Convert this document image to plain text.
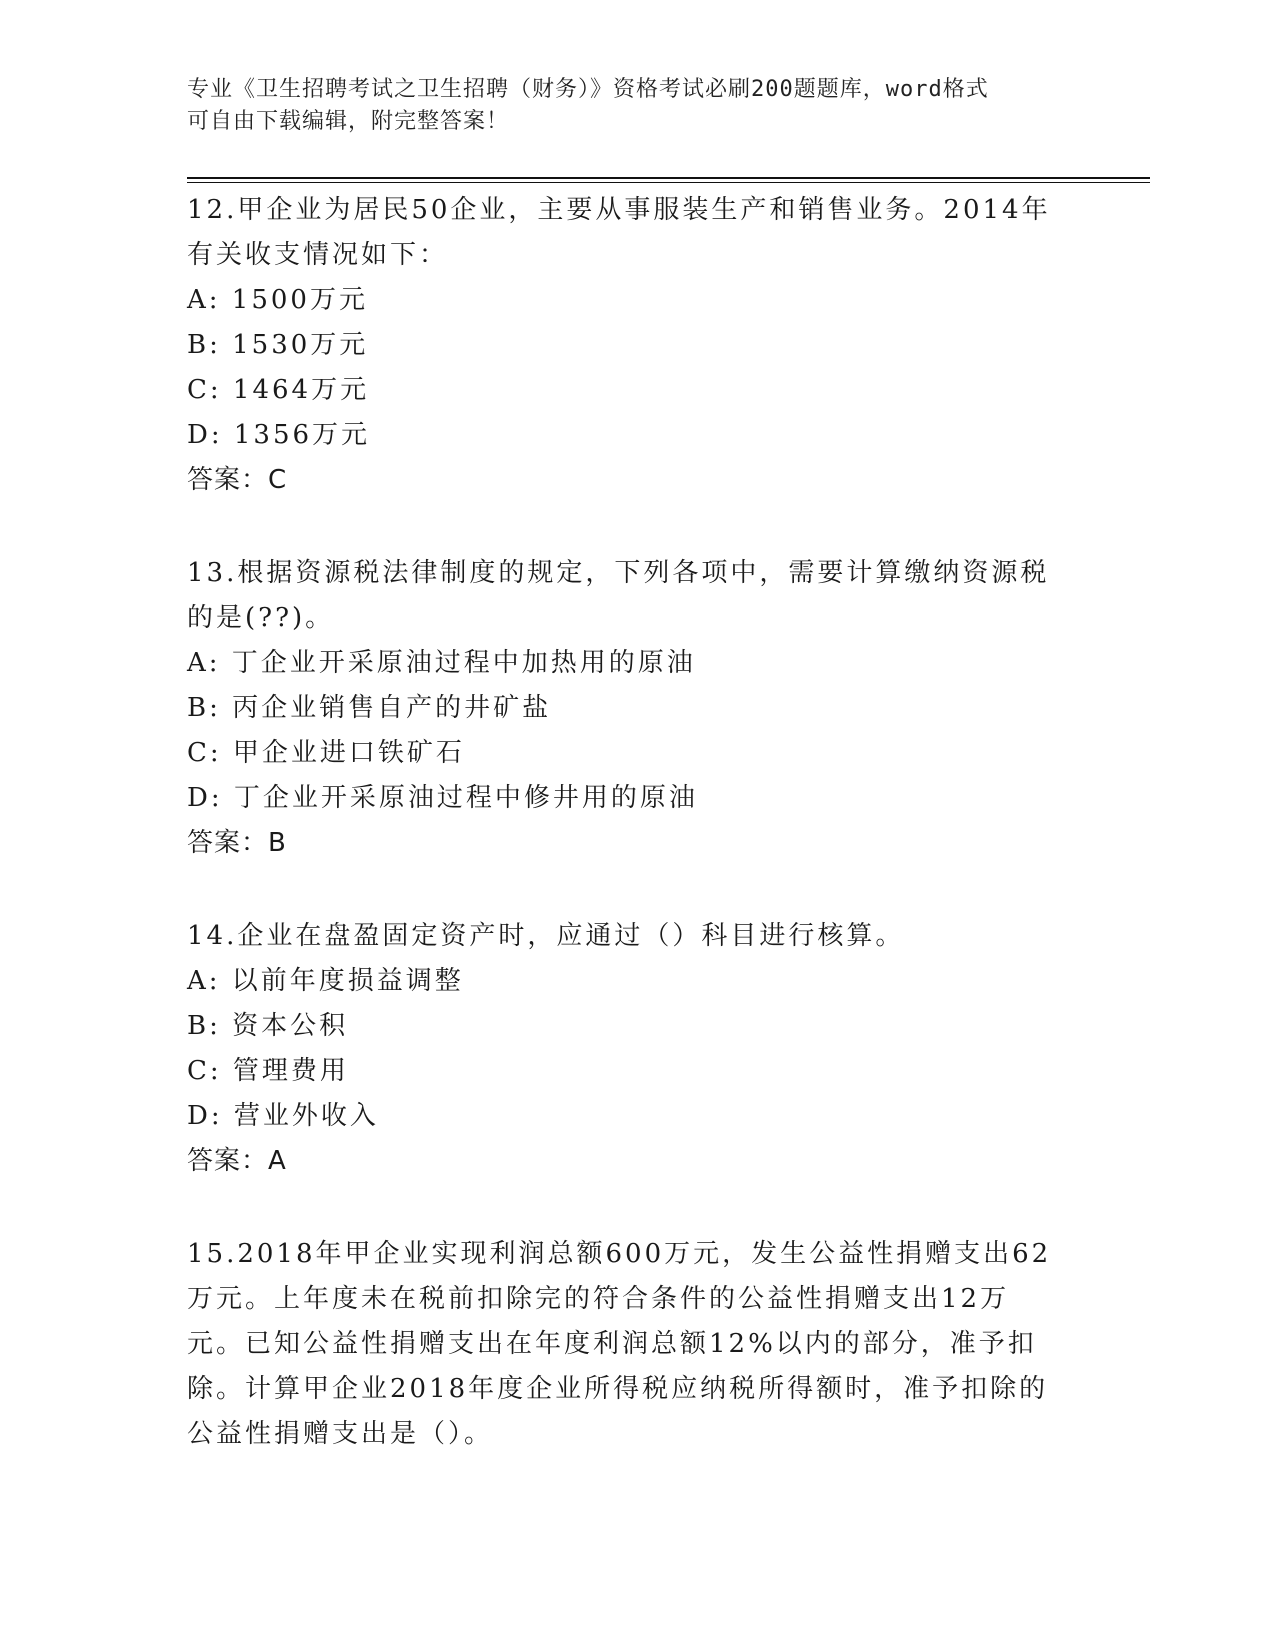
专业《卫生招聘考试之卫生招聘（财务）》资格考试必刷200题题库，word格式
可自由下载编辑，附完整答案！

12.甲企业为居民50企业，主要从事服装生产和销售业务。2014年有关收支情况如下：

A: 1500万元
B: 1530万元
C: 1464万元
D: 1356万元
答案：C

13.根据资源税法律制度的规定，下列各项中，需要计算缴纳资源税的是(??)。

A: 丁企业开采原油过程中加热用的原油
B: 丙企业销售自产的井矿盐
C: 甲企业进口铁矿石
D: 丁企业开采原油过程中修井用的原油
答案：B

14.企业在盘盈固定资产时，应通过（）科目进行核算。

A: 以前年度损益调整
B: 资本公积
C: 管理费用
D: 营业外收入
答案：A

15.2018年甲企业实现利润总额600万元，发生公益性捐赠支出62万元。上年度未在税前扣除完的符合条件的公益性捐赠支出12万元。已知公益性捐赠支出在年度利润总额12%以内的部分，准予扣除。计算甲企业2018年度企业所得税应纳税所得额时，准予扣除的公益性捐赠支出是（）。
